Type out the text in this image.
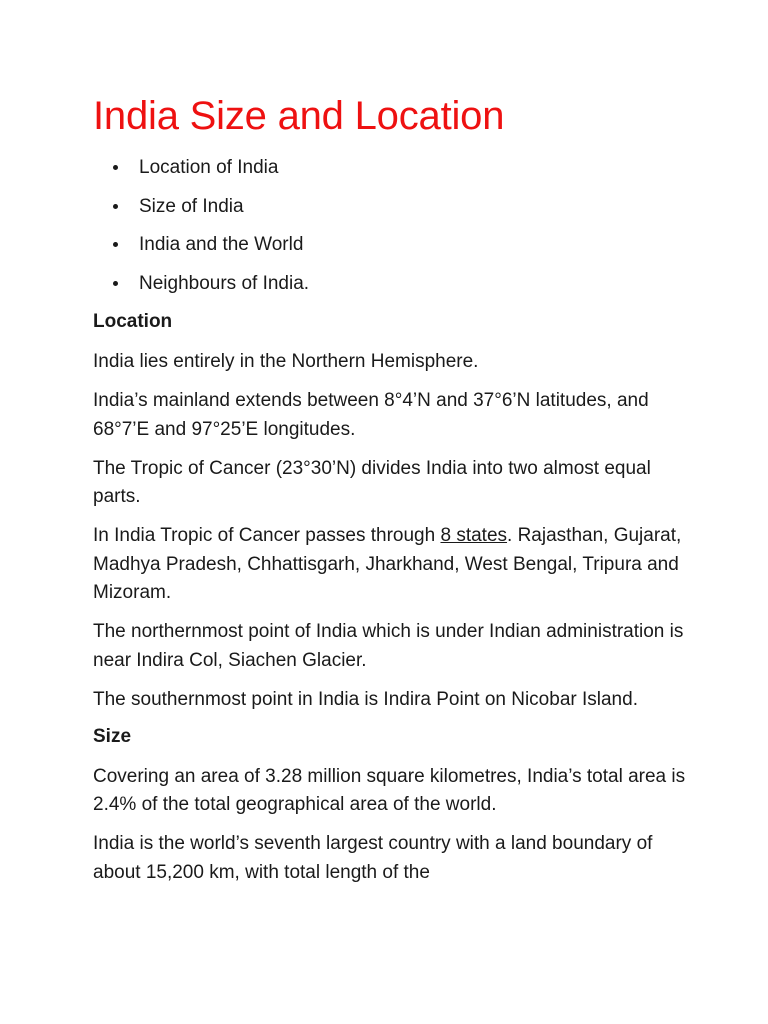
India Size and Location
Location of India
Size of India
India and the World
Neighbours of India.
Location

India lies entirely in the Northern Hemisphere.

India’s mainland extends between 8°4’N and 37°6’N latitudes, and 68°7’E and 97°25’E longitudes.

The Tropic of Cancer (23°30’N) divides India into two almost equal parts.

In India Tropic of Cancer passes through 8 states. Rajasthan, Gujarat, Madhya Pradesh, Chhattisgarh, Jharkhand, West Bengal, Tripura and Mizoram.

The northernmost point of India which is under Indian administration is near Indira Col, Siachen Glacier.

The southernmost point in India is Indira Point on Nicobar Island.

Size

Covering an area of 3.28 million square kilometres, India’s total area is 2.4% of the total geographical area of the world.

India is the world’s seventh largest country with a land boundary of about 15,200 km, with total length of the
